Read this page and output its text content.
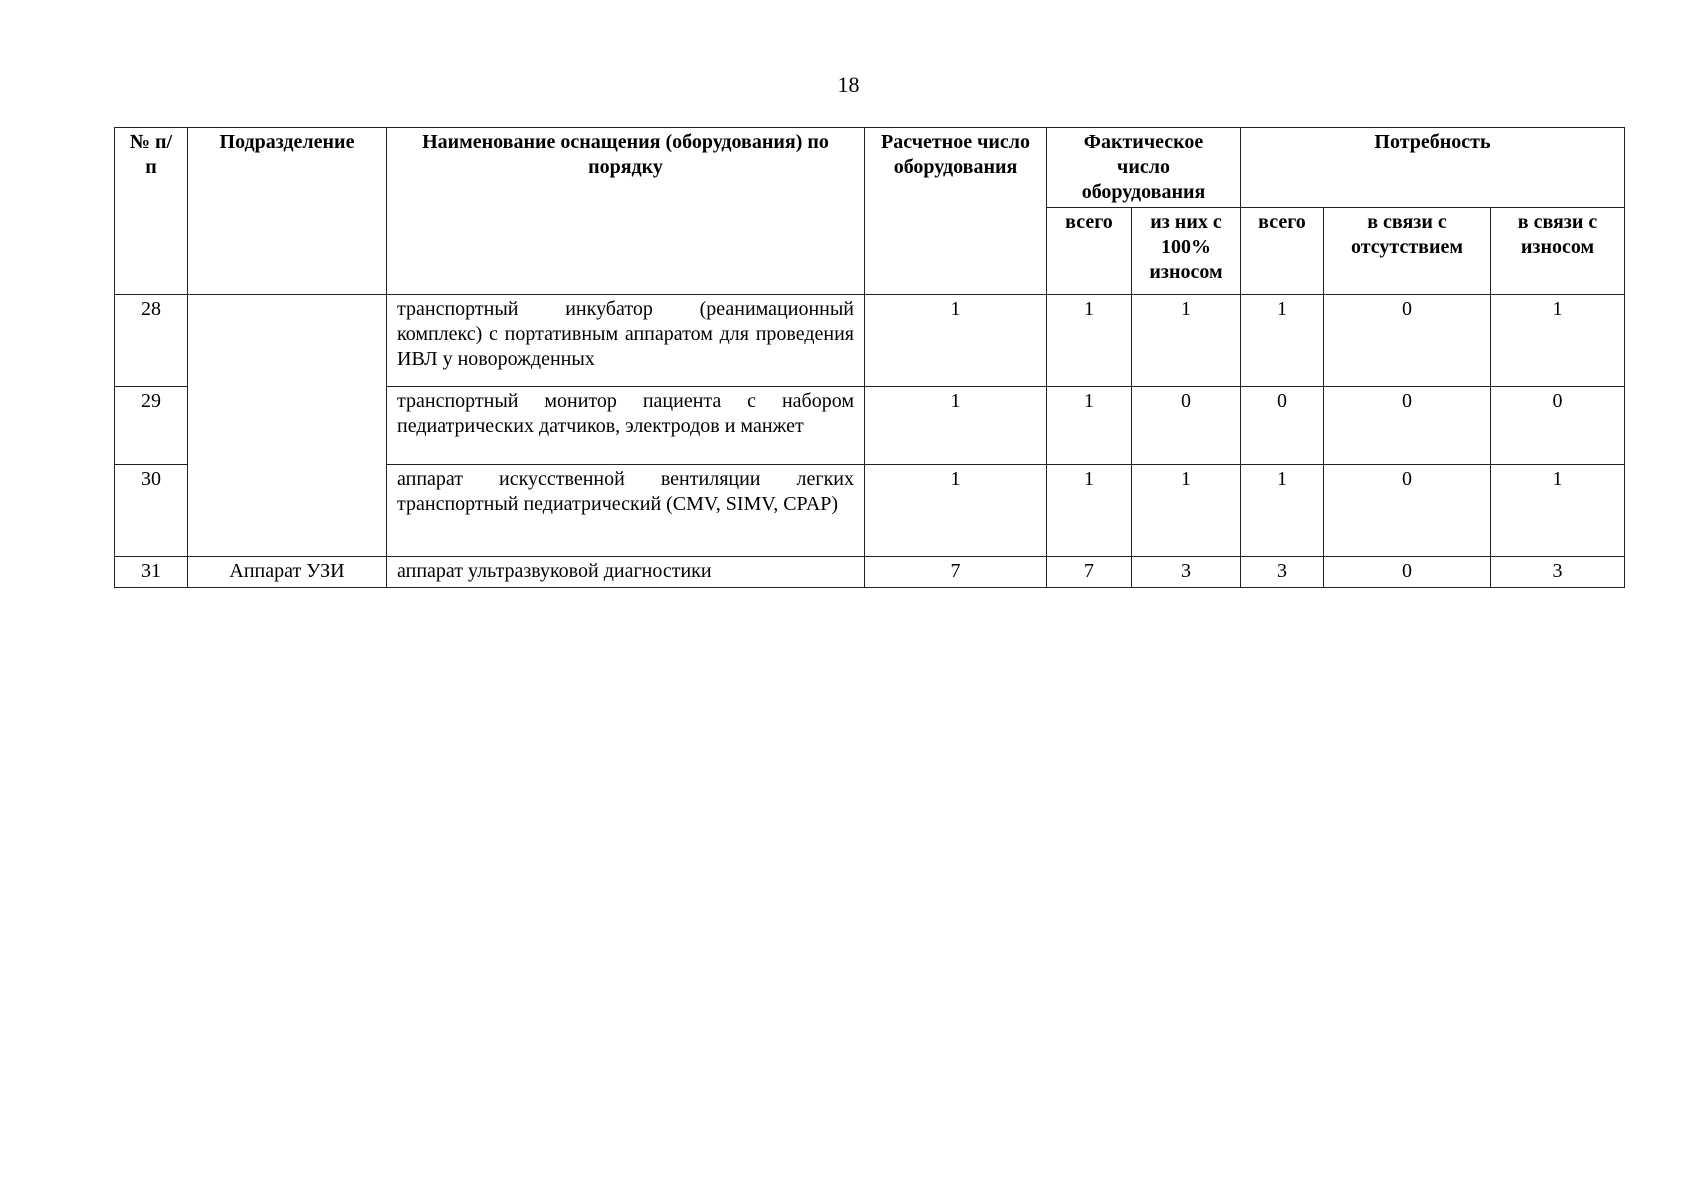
18
№ п/п	Подразделение	Наименование оснащения (оборудования) по порядку	Расчетное число оборудования	Фактическое число оборудования		Потребность		
				всего	из них с 100% износом	всего	в связи с отсутствием	в связи с износом
28		транспортный инкубатор (реанимационный комплекс) с портативным аппаратом для проведения ИВЛ у новорожденных	1	1	1	1	0	1
29		транспортный монитор пациента с набором педиатрических датчиков, электродов и манжет	1	1	0	0	0	0
30		аппарат искусственной вентиляции легких транспортный педиатрический (CMV, SIMV, CPAP)	1	1	1	1	0	1
31	Аппарат УЗИ	аппарат ультразвуковой диагностики	7	7	3	3	0	3
